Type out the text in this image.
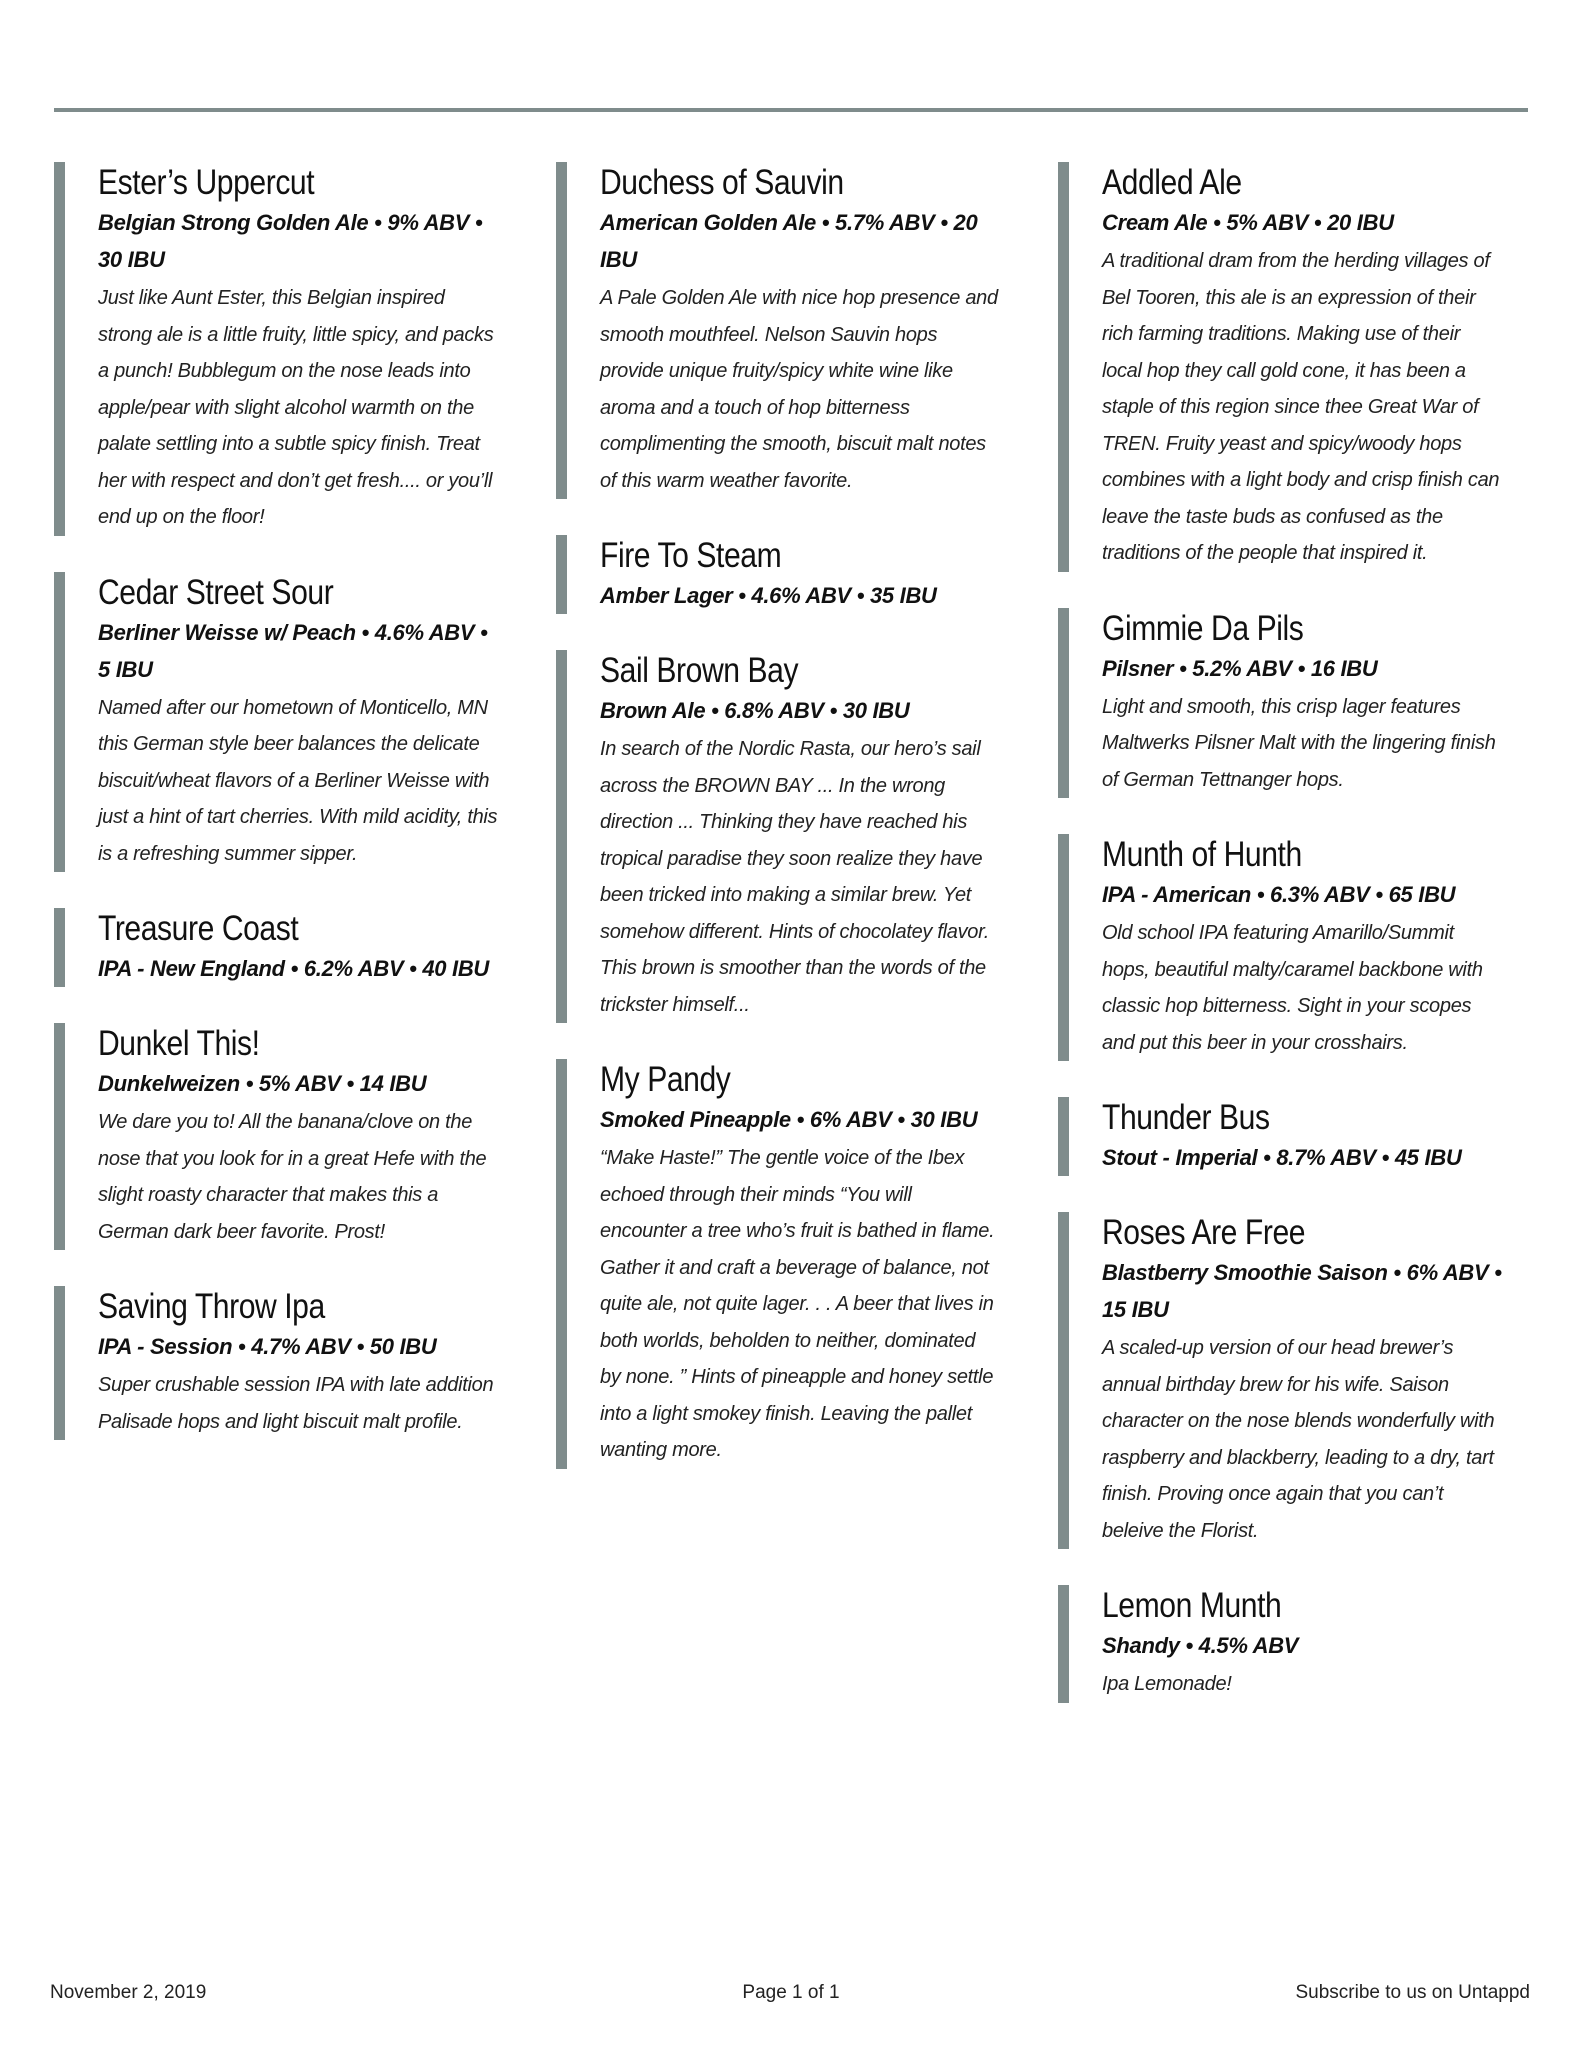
Ester’s Uppercut
Belgian Strong Golden Ale • 9% ABV • 30 IBU
Just like Aunt Ester, this Belgian inspired strong ale is a little fruity, little spicy, and packs a punch! Bubblegum on the nose leads into apple/pear with slight alcohol warmth on the palate settling into a subtle spicy finish. Treat her with respect and don’t get fresh.... or you’ll end up on the floor!
Cedar Street Sour
Berliner Weisse w/ Peach • 4.6% ABV • 5 IBU
Named after our hometown of Monticello, MN this German style beer balances the delicate biscuit/wheat flavors of a Berliner Weisse with just a hint of tart cherries. With mild acidity, this is a refreshing summer sipper.
Treasure Coast
IPA - New England • 6.2% ABV • 40 IBU
Dunkel This!
Dunkelweizen • 5% ABV • 14 IBU
We dare you to! All the banana/clove on the nose that you look for in a great Hefe with the slight roasty character that makes this a German dark beer favorite. Prost!
Saving Throw Ipa
IPA - Session • 4.7% ABV • 50 IBU
Super crushable session IPA with late addition Palisade hops and light biscuit malt profile.
Duchess of Sauvin
American Golden Ale • 5.7% ABV • 20 IBU
A Pale Golden Ale with nice hop presence and smooth mouthfeel. Nelson Sauvin hops provide unique fruity/spicy white wine like aroma and a touch of hop bitterness complimenting the smooth, biscuit malt notes of this warm weather favorite.
Fire To Steam
Amber Lager • 4.6% ABV • 35 IBU
Sail Brown Bay
Brown Ale • 6.8% ABV • 30 IBU
In search of the Nordic Rasta, our hero’s sail across the BROWN BAY ... In the wrong direction ... Thinking they have reached his tropical paradise they soon realize they have been tricked into making a similar brew. Yet somehow different. Hints of chocolatey flavor. This brown is smoother than the words of the trickster himself...
My Pandy
Smoked Pineapple • 6% ABV • 30 IBU
“Make Haste!” The gentle voice of the Ibex echoed through their minds “You will encounter a tree who’s fruit is bathed in flame. Gather it and craft a beverage of balance, not quite ale, not quite lager. . . A beer that lives in both worlds, beholden to neither, dominated by none. ” Hints of pineapple and honey settle into a light smokey finish. Leaving the pallet wanting more.
Addled Ale
Cream Ale • 5% ABV • 20 IBU
A traditional dram from the herding villages of Bel Tooren, this ale is an expression of their rich farming traditions. Making use of their local hop they call gold cone, it has been a staple of this region since thee Great War of TREN. Fruity yeast and spicy/woody hops combines with a light body and crisp finish can leave the taste buds as confused as the traditions of the people that inspired it.
Gimmie Da Pils
Pilsner • 5.2% ABV • 16 IBU
Light and smooth, this crisp lager features Maltwerks Pilsner Malt with the lingering finish of German Tettnanger hops.
Munth of Hunth
IPA - American • 6.3% ABV • 65 IBU
Old school IPA featuring Amarillo/Summit hops, beautiful malty/caramel backbone with classic hop bitterness. Sight in your scopes and put this beer in your crosshairs.
Thunder Bus
Stout - Imperial • 8.7% ABV • 45 IBU
Roses Are Free
Blastberry Smoothie Saison • 6% ABV • 15 IBU
A scaled-up version of our head brewer’s annual birthday brew for his wife. Saison character on the nose blends wonderfully with raspberry and blackberry, leading to a dry, tart finish. Proving once again that you can’t beleive the Florist.
Lemon Munth
Shandy • 4.5% ABV
Ipa Lemonade!
Page 1 of 1
November 2, 2019	Subscribe to us on Untappd
